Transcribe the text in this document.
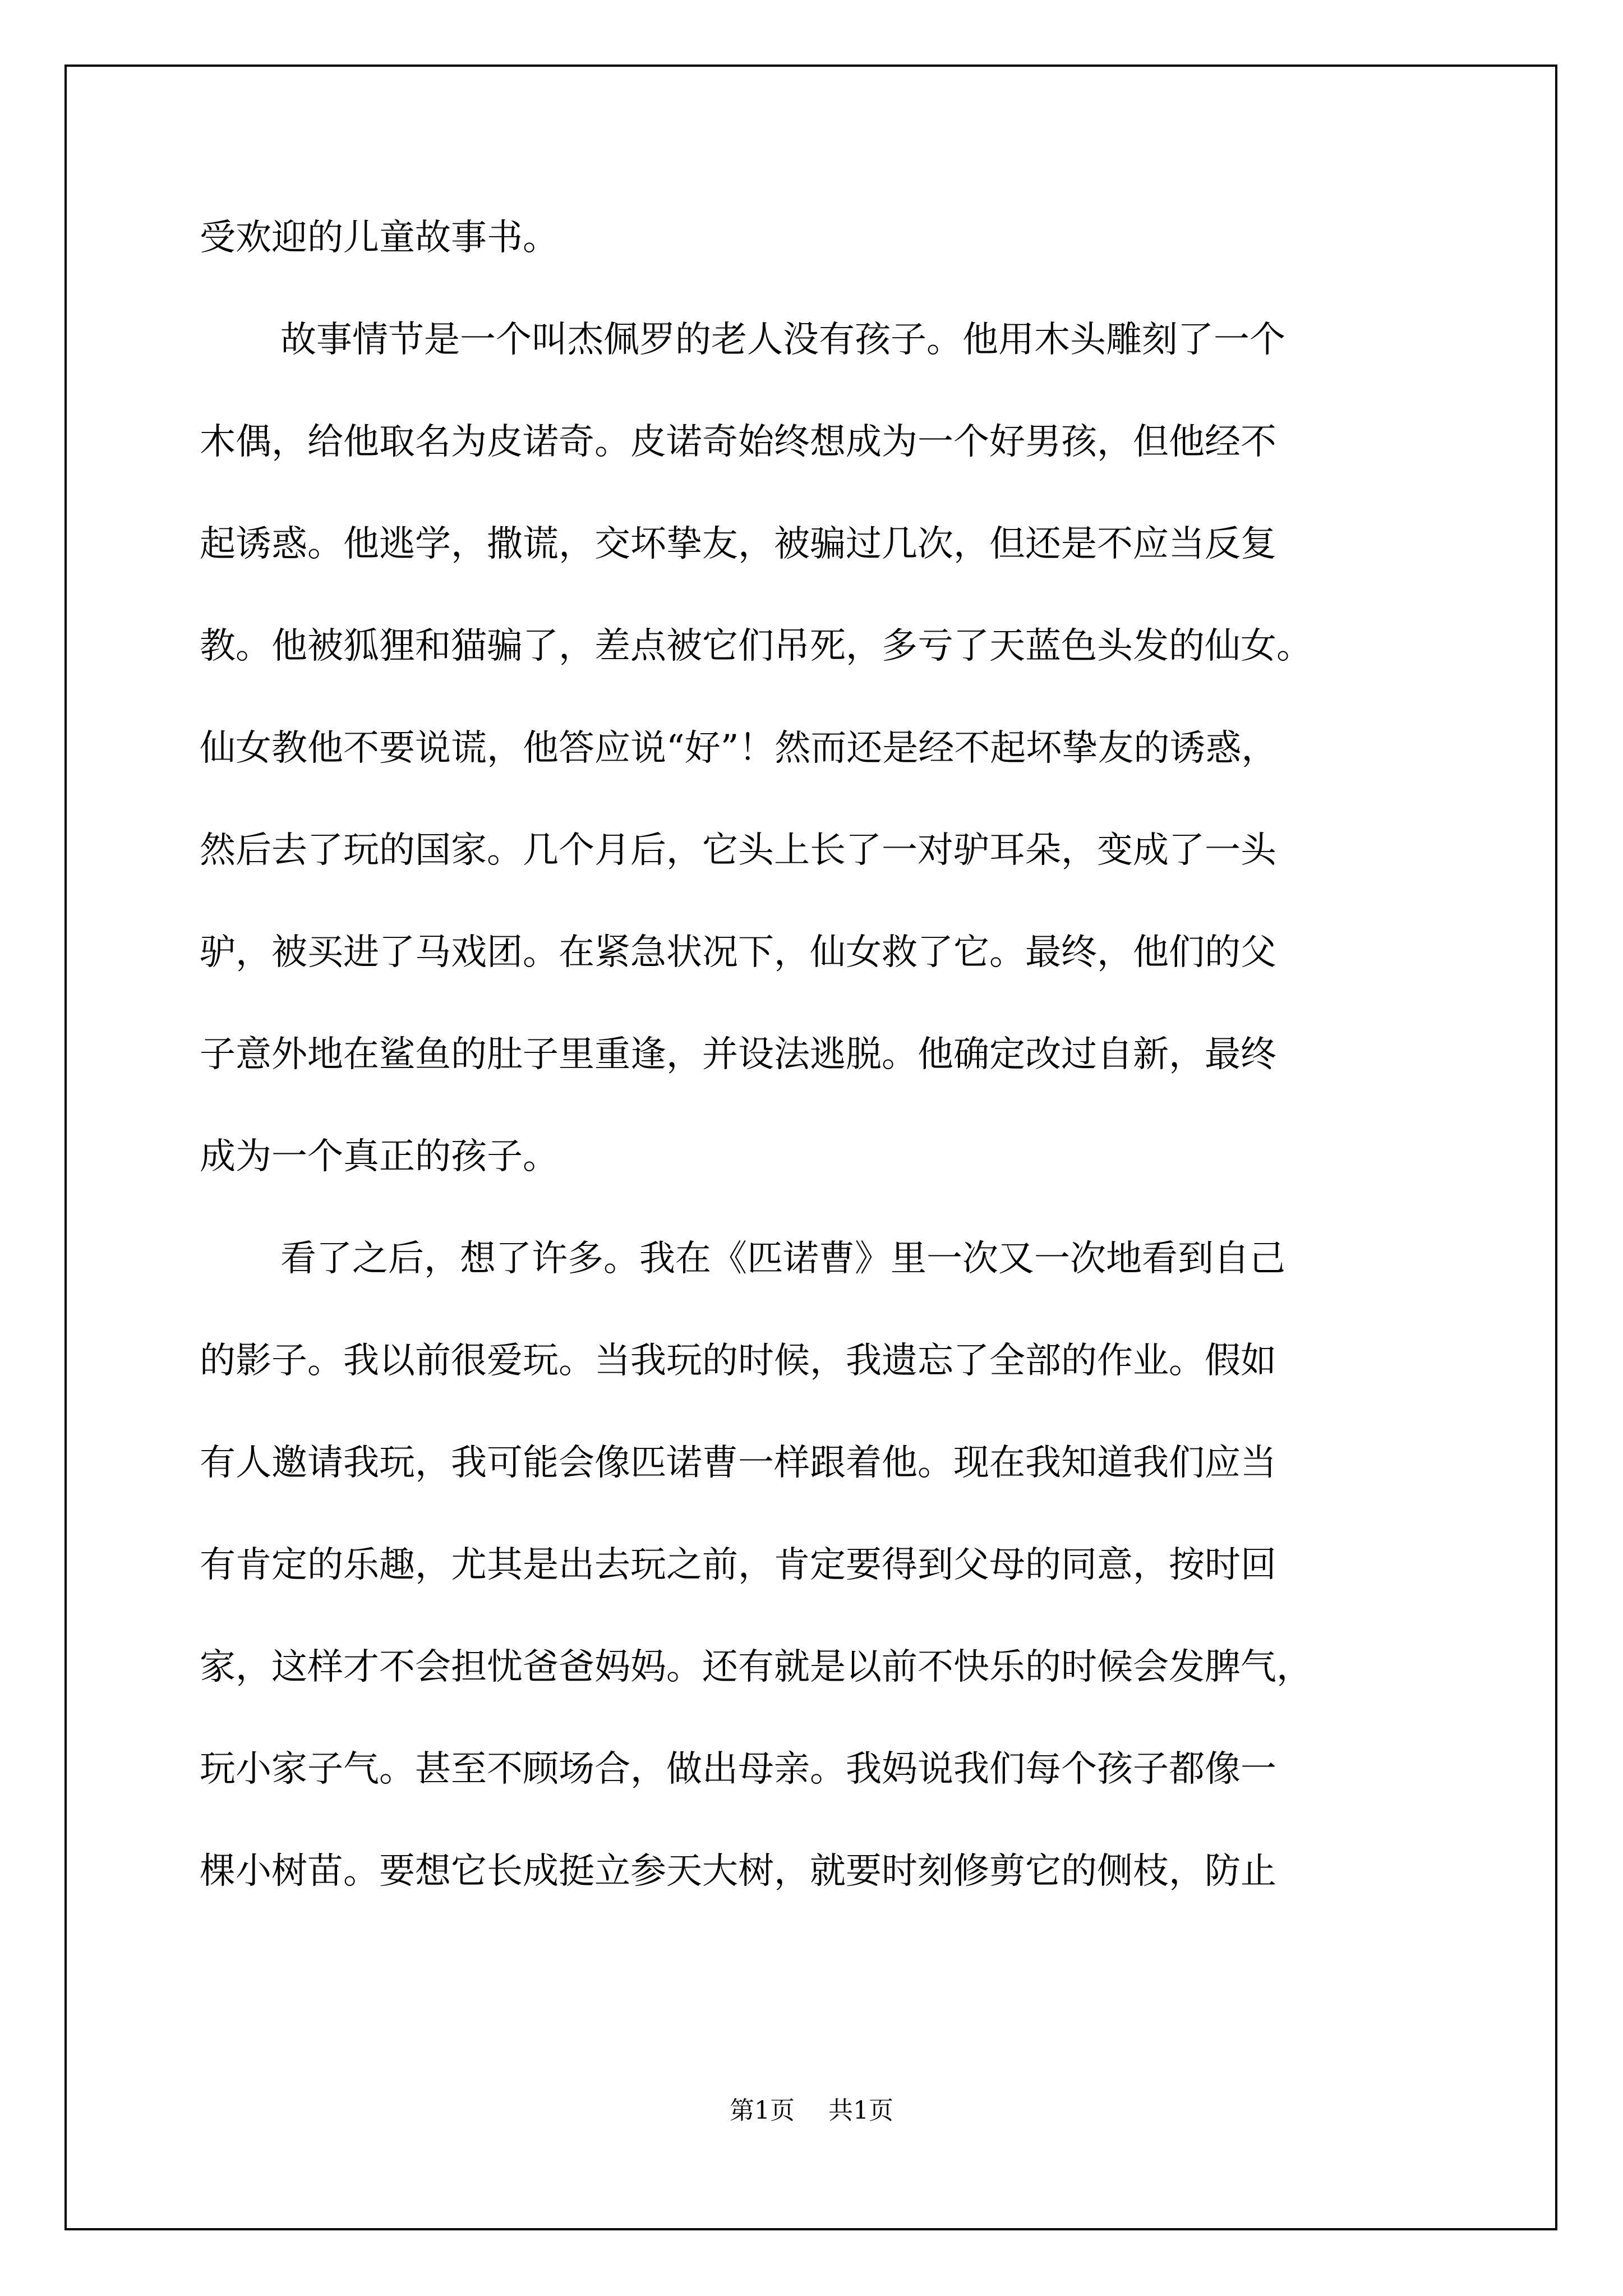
受欢迎的儿童故事书。
故事情节是一个叫杰佩罗的老人没有孩子。他用木头雕刻了一个
木偶，给他取名为皮诺奇。皮诺奇始终想成为一个好男孩，但他经不
起诱惑。他逃学，撒谎，交坏挚友，被骗过几次，但还是不应当反复
教。他被狐狸和猫骗了，差点被它们吊死，多亏了天蓝色头发的仙女。
仙女教他不要说谎，他答应说“好”！然而还是经不起坏挚友的诱惑，
然后去了玩的国家。几个月后，它头上长了一对驴耳朵，变成了一头
驴，被买进了马戏团。在紧急状况下，仙女救了它。最终，他们的父
子意外地在鲨鱼的肚子里重逢，并设法逃脱。他确定改过自新，最终
成为一个真正的孩子。
看了之后，想了许多。我在《匹诺曹》里一次又一次地看到自己
的影子。我以前很爱玩。当我玩的时候，我遗忘了全部的作业。假如
有人邀请我玩，我可能会像匹诺曹一样跟着他。现在我知道我们应当
有肯定的乐趣，尤其是出去玩之前，肯定要得到父母的同意，按时回
家，这样才不会担忧爸爸妈妈。还有就是以前不快乐的时候会发脾气，
玩小家子气。甚至不顾场合，做出母亲。我妈说我们每个孩子都像一
棵小树苗。要想它长成挺立参天大树，就要时刻修剪它的侧枝，防止
第1页 共1页
